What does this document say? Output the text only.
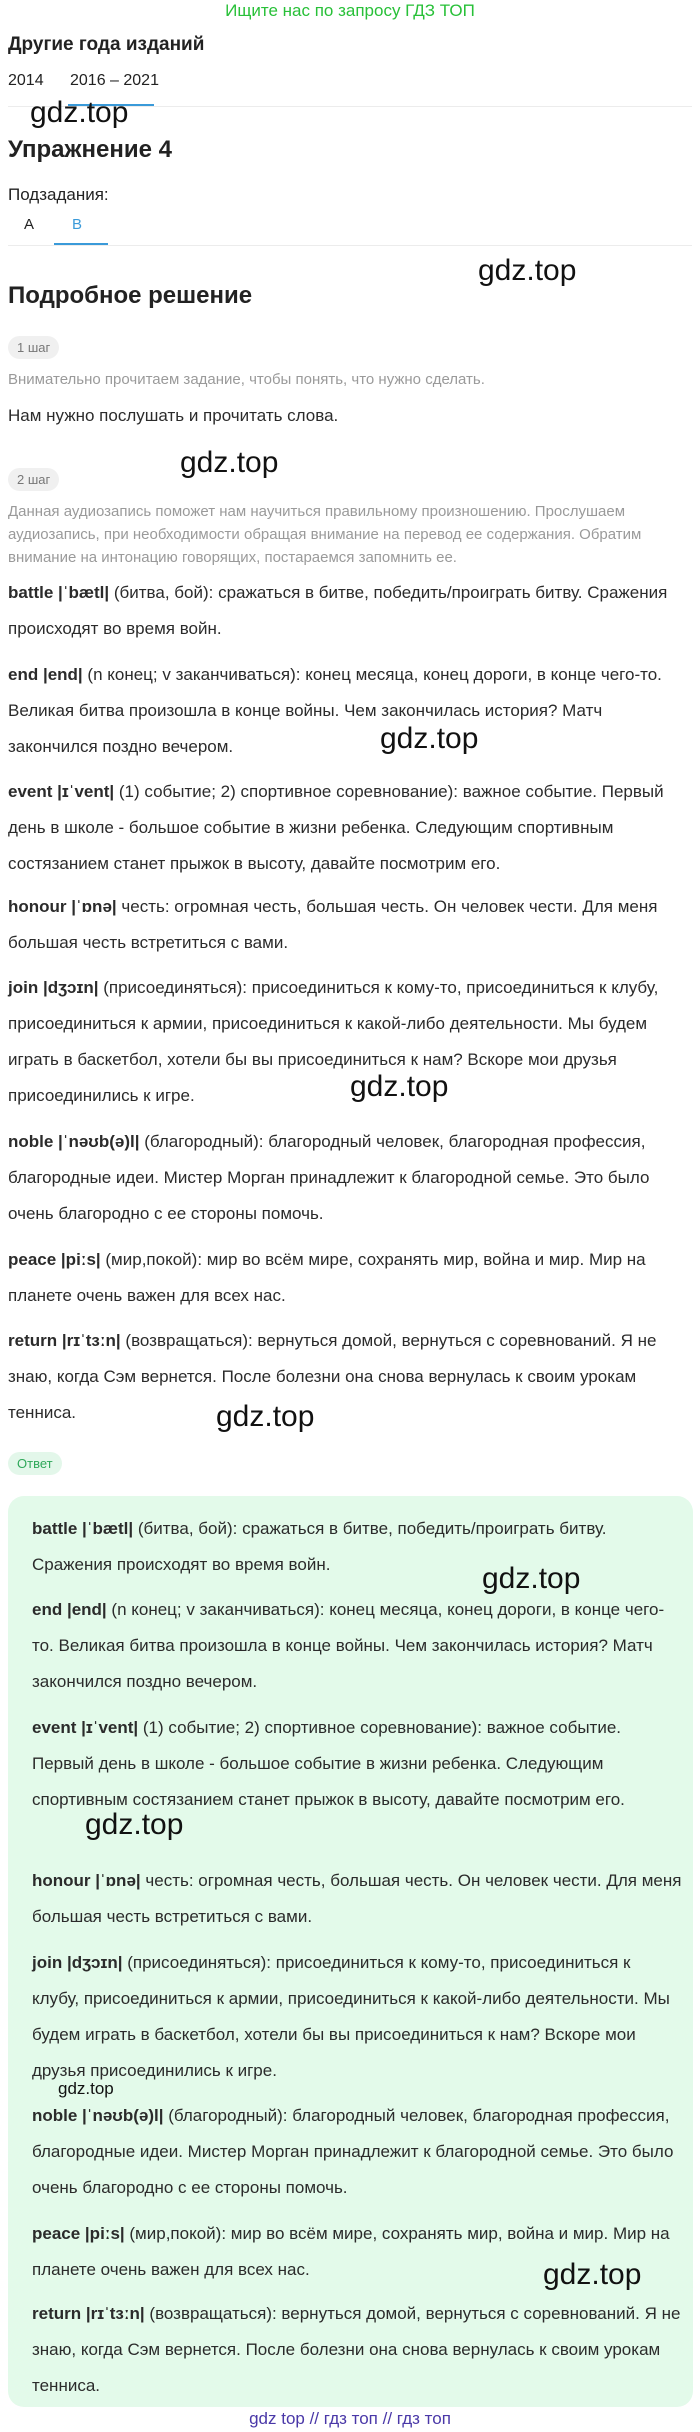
Ищите нас по запросу ГДЗ ТОП
Другие года изданий
2014 2016 – 2021
Упражнение 4
Подзадания:
A	B
Подробное решение
1 шаг
Внимательно прочитаем задание, чтобы понять, что нужно сделать.
Нам нужно послушать и прочитать слова.
2 шаг
Данная аудиозапись поможет нам научиться правильному произношению. Прослушаем аудиозапись, при необходимости обращая внимание на перевод ее содержания. Обратим внимание на интонацию говорящих, постараемся запомнить ее.
battle |ˈbætl| (битва, бой): сражаться в битве, победить/проиграть битву. Сражения происходят во время войн.
end |end| (n конец; v заканчиваться): конец месяца, конец дороги, в конце чего-то. Великая битва произошла в конце войны. Чем закончилась история? Матч закончился поздно вечером.
event |ɪˈvent| (1) событие; 2) спортивное соревнование): важное событие. Первый день в школе - большое событие в жизни ребенка. Следующим спортивным состязанием станет прыжок в высоту, давайте посмотрим его.
honour |ˈɒnə| честь: огромная честь, большая честь. Он человек чести. Для меня большая честь встретиться с вами.
join |dʒɔɪn| (присоединяться): присоединиться к кому-то, присоединиться к клубу, присоединиться к армии, присоединиться к какой-либо деятельности. Мы будем играть в баскетбол, хотели бы вы присоединиться к нам? Вскоре мои друзья присоединились к игре.
noble |ˈnəʊb(ə)l| (благородный): благородный человек, благородная профессия, благородные идеи. Мистер Морган принадлежит к благородной семье. Это было очень благородно с ее стороны помочь.
peace |piːs| (мир,покой): мир во всём мире, сохранять мир, война и мир. Мир на планете очень важен для всех нас.
return |rɪˈtɜːn| (возвращаться): вернуться домой, вернуться с соревнований. Я не знаю, когда Сэм вернется. После болезни она снова вернулась к своим урокам тенниса.
Ответ
battle |ˈbætl| (битва, бой): сражаться в битве, победить/проиграть битву. Сражения происходят во время войн.
end |end| (n конец; v заканчиваться): конец месяца, конец дороги, в конце чего-то. Великая битва произошла в конце войны. Чем закончилась история? Матч закончился поздно вечером.
event |ɪˈvent| (1) событие; 2) спортивное соревнование): важное событие. Первый день в школе - большое событие в жизни ребенка. Следующим спортивным состязанием станет прыжок в высоту, давайте посмотрим его.
honour |ˈɒnə| честь: огромная честь, большая честь. Он человек чести. Для меня большая честь встретиться с вами.
join |dʒɔɪn| (присоединяться): присоединиться к кому-то, присоединиться к клубу, присоединиться к армии, присоединиться к какой-либо деятельности. Мы будем играть в баскетбол, хотели бы вы присоединиться к нам? Вскоре мои друзья присоединились к игре.
noble |ˈnəʊb(ə)l| (благородный): благородный человек, благородная профессия, благородные идеи. Мистер Морган принадлежит к благородной семье. Это было очень благородно с ее стороны помочь.
peace |piːs| (мир,покой): мир во всём мире, сохранять мир, война и мир. Мир на планете очень важен для всех нас.
return |rɪˈtɜːn| (возвращаться): вернуться домой, вернуться с соревнований. Я не знаю, когда Сэм вернется. После болезни она снова вернулась к своим урокам тенниса.
gdz.top
gdz.top
gdz.top
gdz.top
gdz.top
gdz.top
gdz.top
gdz.top
gdz.top
gdz.top
gdz top // гдз топ // гдз топ
